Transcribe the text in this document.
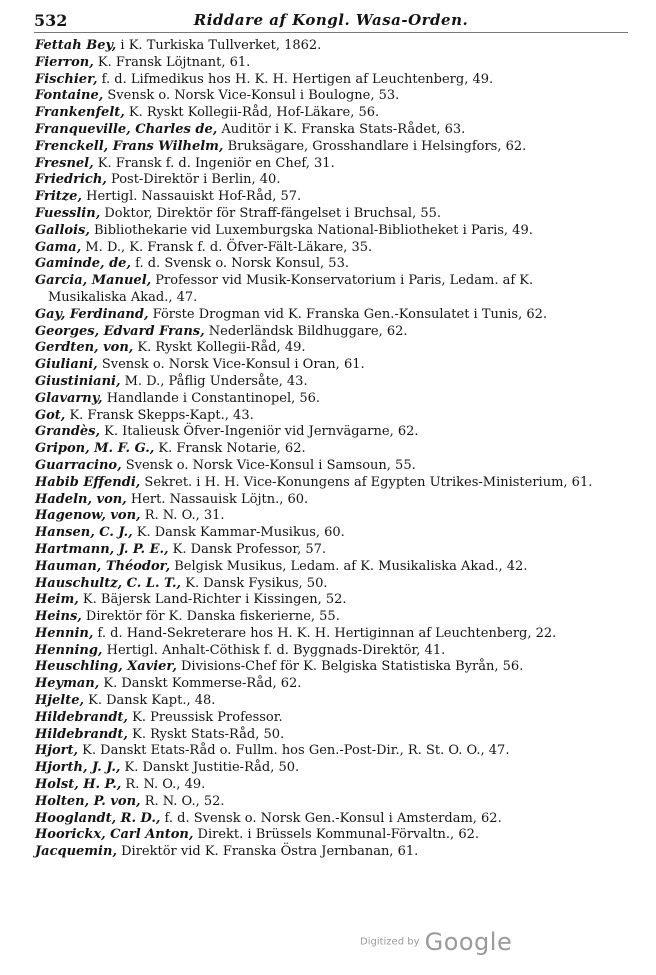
532	Riddare af Kongl. Wasa-Orden.
Fettah Bey, i K. Turkiska Tullverket, 1862.
Fierron, K. Fransk Löjtnant, 61.
Fischier, f. d. Lifmedikus hos H. K. H. Hertigen af Leuchtenberg, 49.
Fontaine, Svensk o. Norsk Vice-Konsul i Boulogne, 53.
Frankenfelt, K. Ryskt Kollegii-Råd, Hof-Läkare, 56.
Franqueville, Charles de, Auditör i K. Franska Stats-Rådet, 63.
Frenckell, Frans Wilhelm, Bruksägare, Grosshandlare i Helsingfors, 62.
Fresnel, K. Fransk f. d. Ingeniör en Chef, 31.
Friedrich, Post-Direktör i Berlin, 40.
Fritze, Hertigl. Nassauiskt Hof-Råd, 57.
Fuesslin, Doktor, Direktör för Straff-fängelset i Bruchsal, 55.
Gallois, Bibliothekarie vid Luxemburgska National-Bibliotheket i Paris, 49.
Gama, M. D., K. Fransk f. d. Öfver-Fält-Läkare, 35.
Gaminde, de, f. d. Svensk o. Norsk Konsul, 53.
Garcia, Manuel, Professor vid Musik-Konservatorium i Paris, Ledam. af K. Musikaliska Akad., 47.
Gay, Ferdinand, Förste Drogman vid K. Franska Gen.-Konsulatet i Tunis, 62.
Georges, Edvard Frans, Nederländsk Bildhuggare, 62.
Gerdten, von, K. Ryskt Kollegii-Råd, 49.
Giuliani, Svensk o. Norsk Vice-Konsul i Oran, 61.
Giustiniani, M. D., Påflig Undersåte, 43.
Glavarny, Handlande i Constantinopel, 56.
Got, K. Fransk Skepps-Kapt., 43.
Grandès, K. Italieusk Öfver-Ingeniör vid Jernvägarne, 62.
Gripon, M. F. G., K. Fransk Notarie, 62.
Guarracino, Svensk o. Norsk Vice-Konsul i Samsoun, 55.
Habib Effendi, Sekret. i H. H. Vice-Konungens af Egypten Utrikes-Ministerium, 61.
Hadeln, von, Hert. Nassauisk Löjtn., 60.
Hagenow, von, R. N. O., 31.
Hansen, C. J., K. Dansk Kammar-Musikus, 60.
Hartmann, J. P. E., K. Dansk Professor, 57.
Hauman, Théodor, Belgisk Musikus, Ledam. af K. Musikaliska Akad., 42.
Hauschultz, C. L. T., K. Dansk Fysikus, 50.
Heim, K. Bäjersk Land-Richter i Kissingen, 52.
Heins, Direktör för K. Danska fiskerierne, 55.
Hennin, f. d. Hand-Sekreterare hos H. K. H. Hertiginnan af Leuchtenberg, 22.
Henning, Hertigl. Anhalt-Cöthisk f. d. Byggnads-Direktör, 41.
Heuschling, Xavier, Divisions-Chef för K. Belgiska Statistiska Byrån, 56.
Heyman, K. Danskt Kommerse-Råd, 62.
Hjelte, K. Dansk Kapt., 48.
Hildebrandt, K. Preussisk Professor.
Hildebrandt, K. Ryskt Stats-Råd, 50.
Hjort, K. Danskt Etats-Råd o. Fullm. hos Gen.-Post-Dir., R. St. O. O., 47.
Hjorth, J. J., K. Danskt Justitie-Råd, 50.
Holst, H. P., R. N. O., 49.
Holten, P. von, R. N. O., 52.
Hooglandt, R. D., f. d. Svensk o. Norsk Gen.-Konsul i Amsterdam, 62.
Hoorickx, Carl Anton, Direkt. i Brüssels Kommunal-Förvaltn., 62.
Jacquemin, Direktör vid K. Franska Östra Jernbanan, 61.
Digitized by Google
